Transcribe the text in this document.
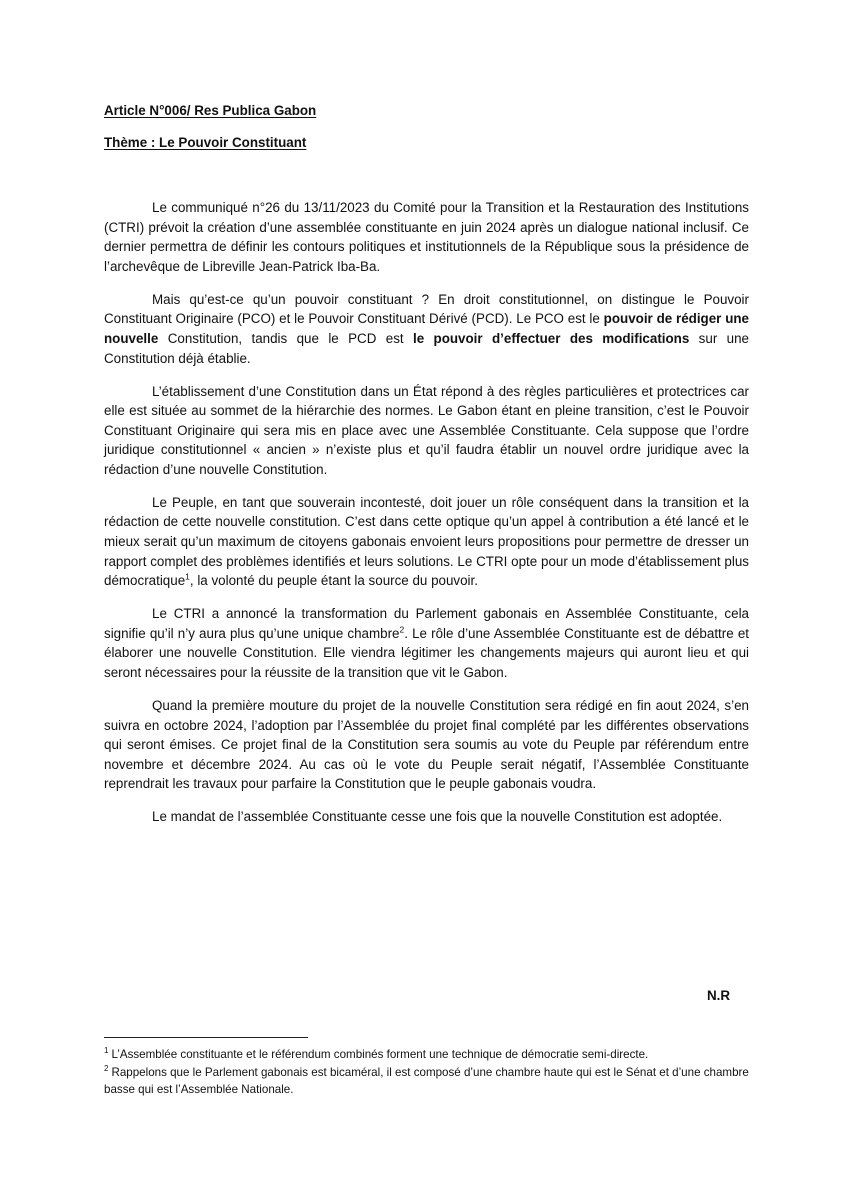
Article N°006/ Res Publica Gabon

Thème : Le Pouvoir Constituant

Le communiqué n°26 du 13/11/2023 du Comité pour la Transition et la Restauration des Institutions (CTRI) prévoit la création d’une assemblée constituante en juin 2024 après un dialogue national inclusif. Ce dernier permettra de définir les contours politiques et institutionnels de la République sous la présidence de l’archevêque de Libreville Jean-Patrick Iba-Ba.

Mais qu’est-ce qu’un pouvoir constituant ? En droit constitutionnel, on distingue le Pouvoir Constituant Originaire (PCO) et le Pouvoir Constituant Dérivé (PCD). Le PCO est le pouvoir de rédiger une nouvelle Constitution, tandis que le PCD est le pouvoir d’effectuer des modifications sur une Constitution déjà établie.

L’établissement d’une Constitution dans un État répond à des règles particulières et protectrices car elle est située au sommet de la hiérarchie des normes. Le Gabon étant en pleine transition, c’est le Pouvoir Constituant Originaire qui sera mis en place avec une Assemblée Constituante. Cela suppose que l’ordre juridique constitutionnel « ancien » n’existe plus et qu’il faudra établir un nouvel ordre juridique avec la rédaction d’une nouvelle Constitution.

Le Peuple, en tant que souverain incontesté, doit jouer un rôle conséquent dans la transition et la rédaction de cette nouvelle constitution. C’est dans cette optique qu’un appel à contribution a été lancé et le mieux serait qu’un maximum de citoyens gabonais envoient leurs propositions pour permettre de dresser un rapport complet des problèmes identifiés et leurs solutions. Le CTRI opte pour un mode d’établissement plus démocratique$^1$, la volonté du peuple étant la source du pouvoir.

Le CTRI a annoncé la transformation du Parlement gabonais en Assemblée Constituante, cela signifie qu’il n’y aura plus qu’une unique chambre$^2$. Le rôle d’une Assemblée Constituante est de débattre et élaborer une nouvelle Constitution. Elle viendra légitimer les changements majeurs qui auront lieu et qui seront nécessaires pour la réussite de la transition que vit le Gabon.

Quand la première mouture du projet de la nouvelle Constitution sera rédigé en fin aout 2024, s’en suivra en octobre 2024, l’adoption par l’Assemblée du projet final complété par les différentes observations qui seront émises. Ce projet final de la Constitution sera soumis au vote du Peuple par référendum entre novembre et décembre 2024. Au cas où le vote du Peuple serait négatif, l’Assemblée Constituante reprendrait les travaux pour parfaire la Constitution que le peuple gabonais voudra.

Le mandat de l’assemblée Constituante cesse une fois que la nouvelle Constitution est adoptée.

N.R

$^1$ L’Assemblée constituante et le référendum combinés forment une technique de démocratie semi-directe.

$^2$ Rappelons que le Parlement gabonais est bicaméral, il est composé d’une chambre haute qui est le Sénat et d’une chambre basse qui est l’Assemblée Nationale.
